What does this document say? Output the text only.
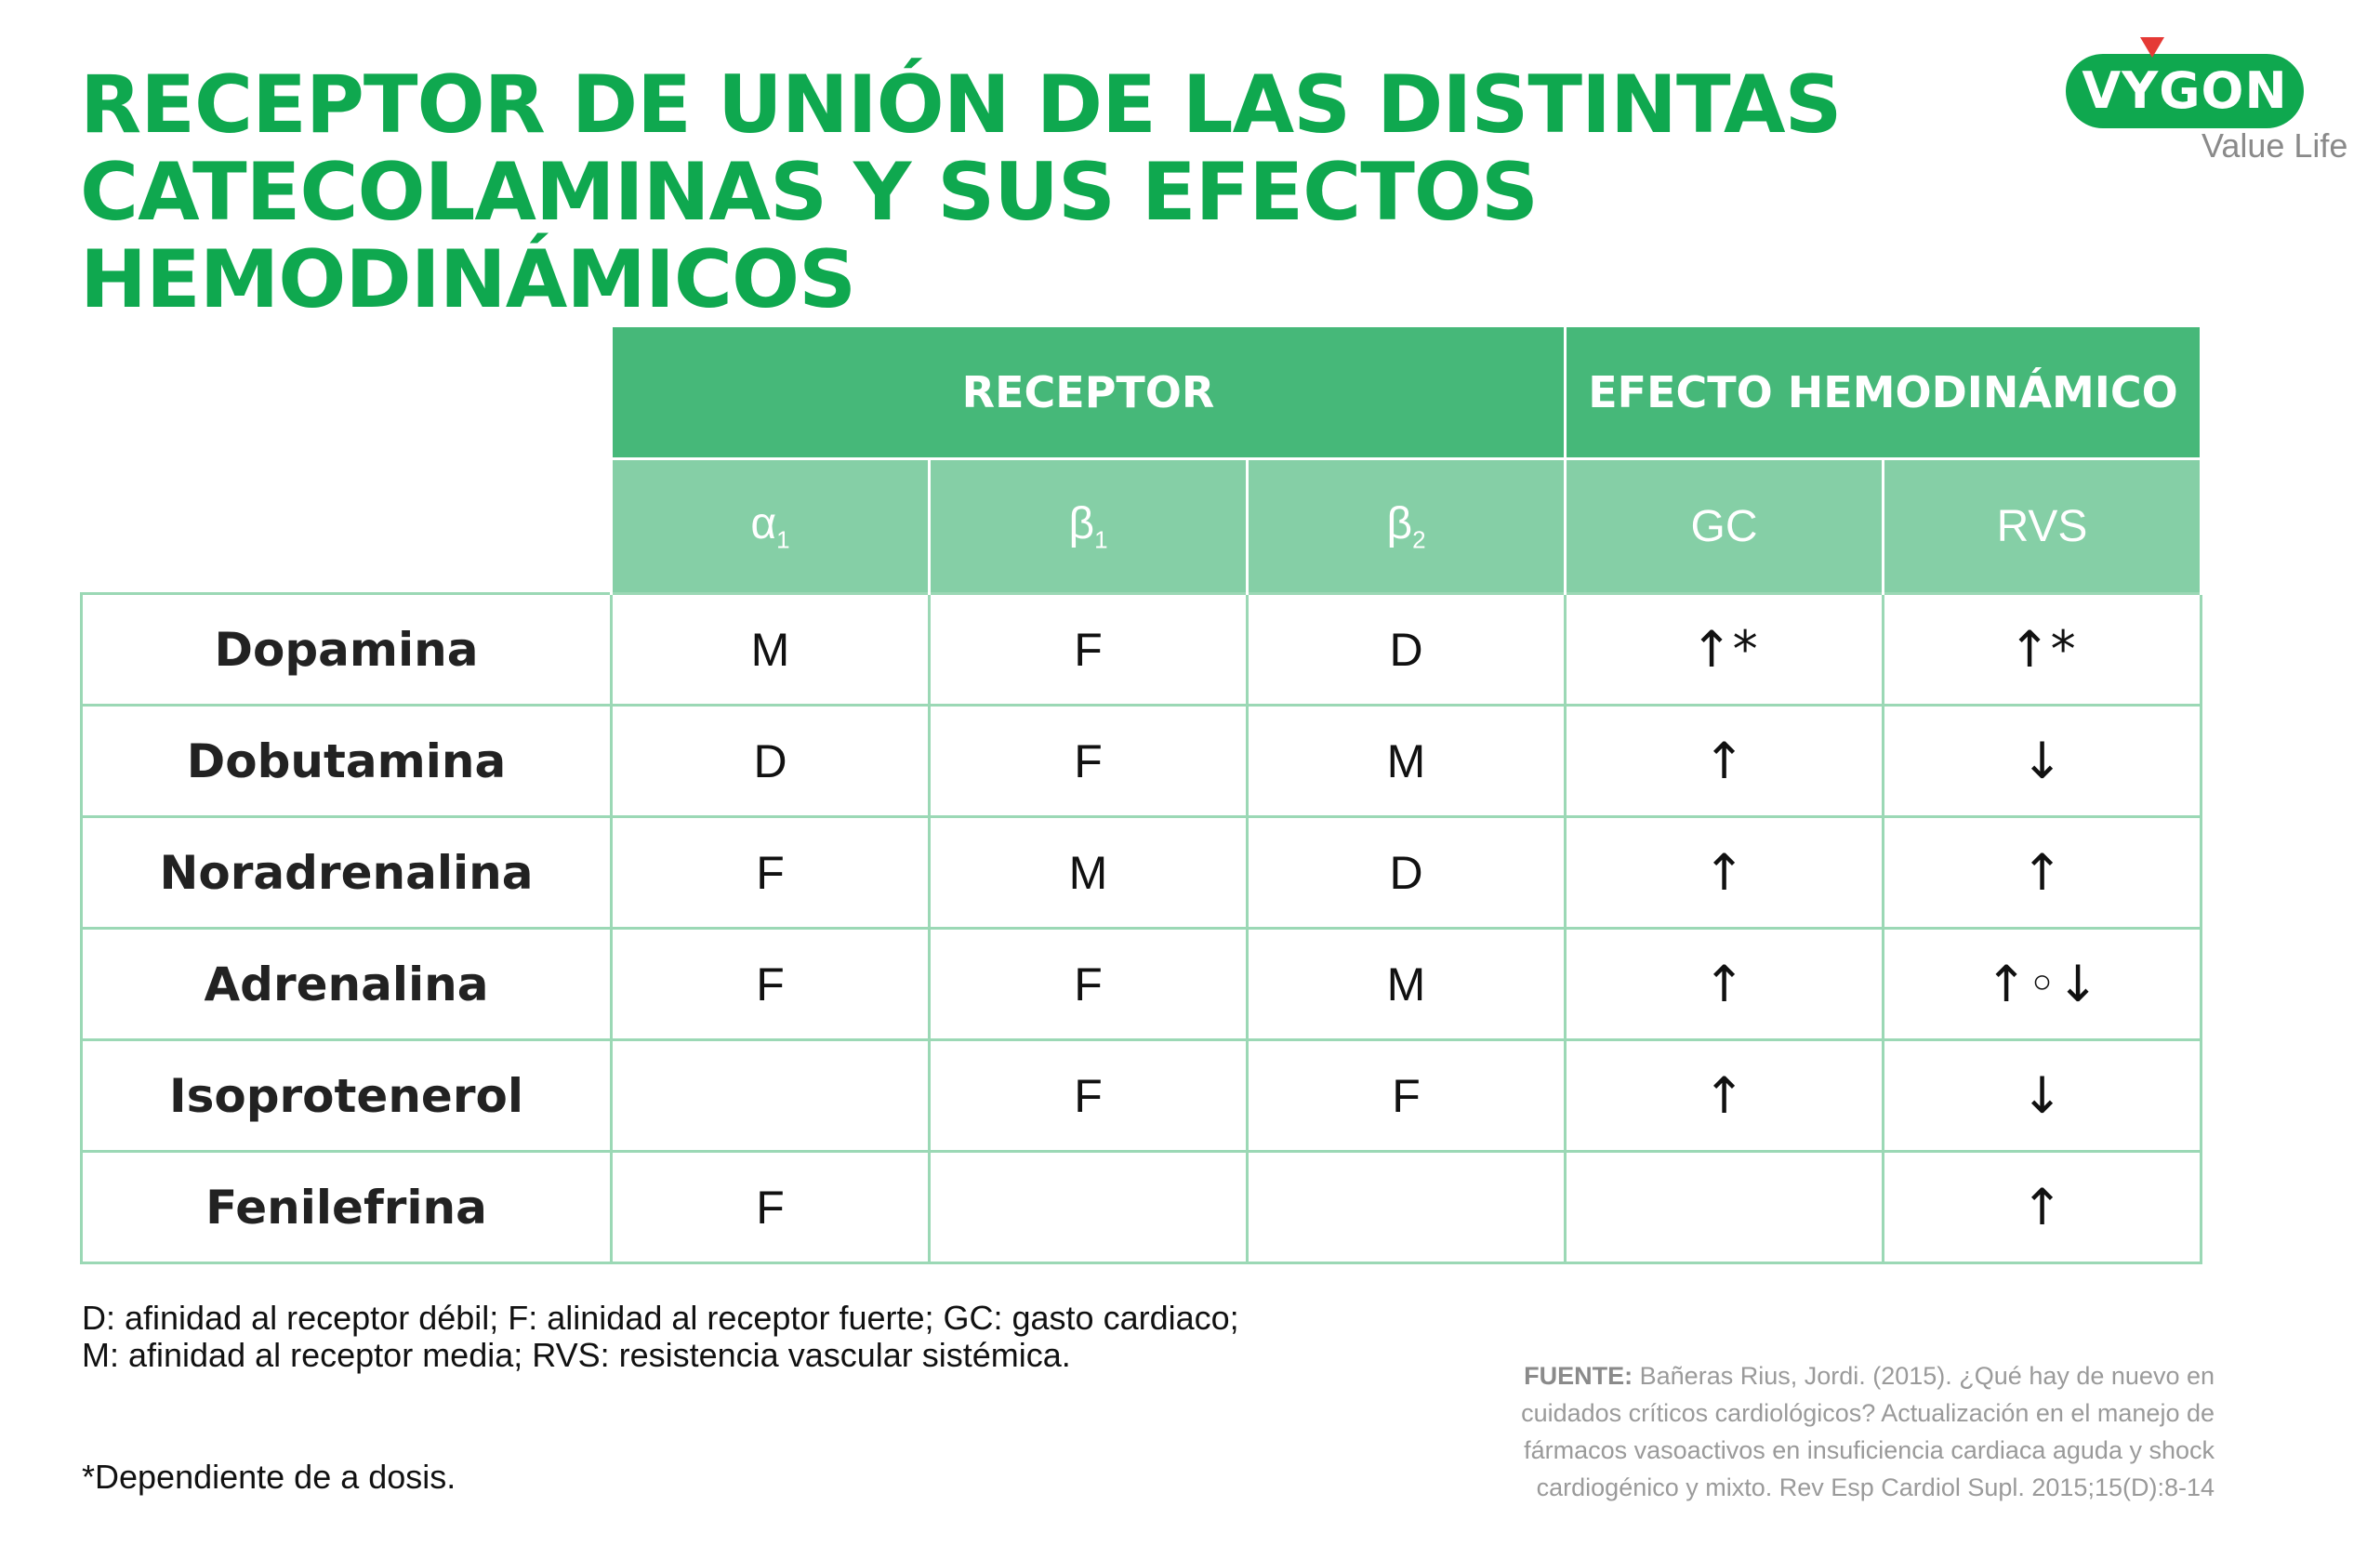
RECEPTOR DE UNIÓN DE LAS DISTINTAS
CATECOLAMINAS Y SUS EFECTOS HEMODINÁMICOS
VYGON
Value Life
	RECEPTOR			EFECTO HEMODINÁMICO	
	$\alpha_1$	$\beta_1$	$\beta_2$	GC	RVS
Dopamina	M	F	D	↑*	↑*
Dobutamina	D	F	M	↑	↓
Noradrenalina	F	M	D	↑	↑
Adrenalina	F	F	M	↑	↑◦↓
Isoprotenerol		F	F	↑	↓
Fenilefrina	F				↑
D: afinidad al receptor débil; F: alinidad al receptor fuerte; GC: gasto cardiaco;
M: afinidad al receptor media; RVS: resistencia vascular sistémica.
*Dependiente de a dosis.
FUENTE: Bañeras Rius, Jordi. (2015). ¿Qué hay de nuevo en cuidados críticos cardiológicos? Actualización en el manejo de fármacos vasoactivos en insuficiencia cardiaca aguda y shock cardiogénico y mixto. Rev Esp Cardiol Supl. 2015;15(D):8-14
